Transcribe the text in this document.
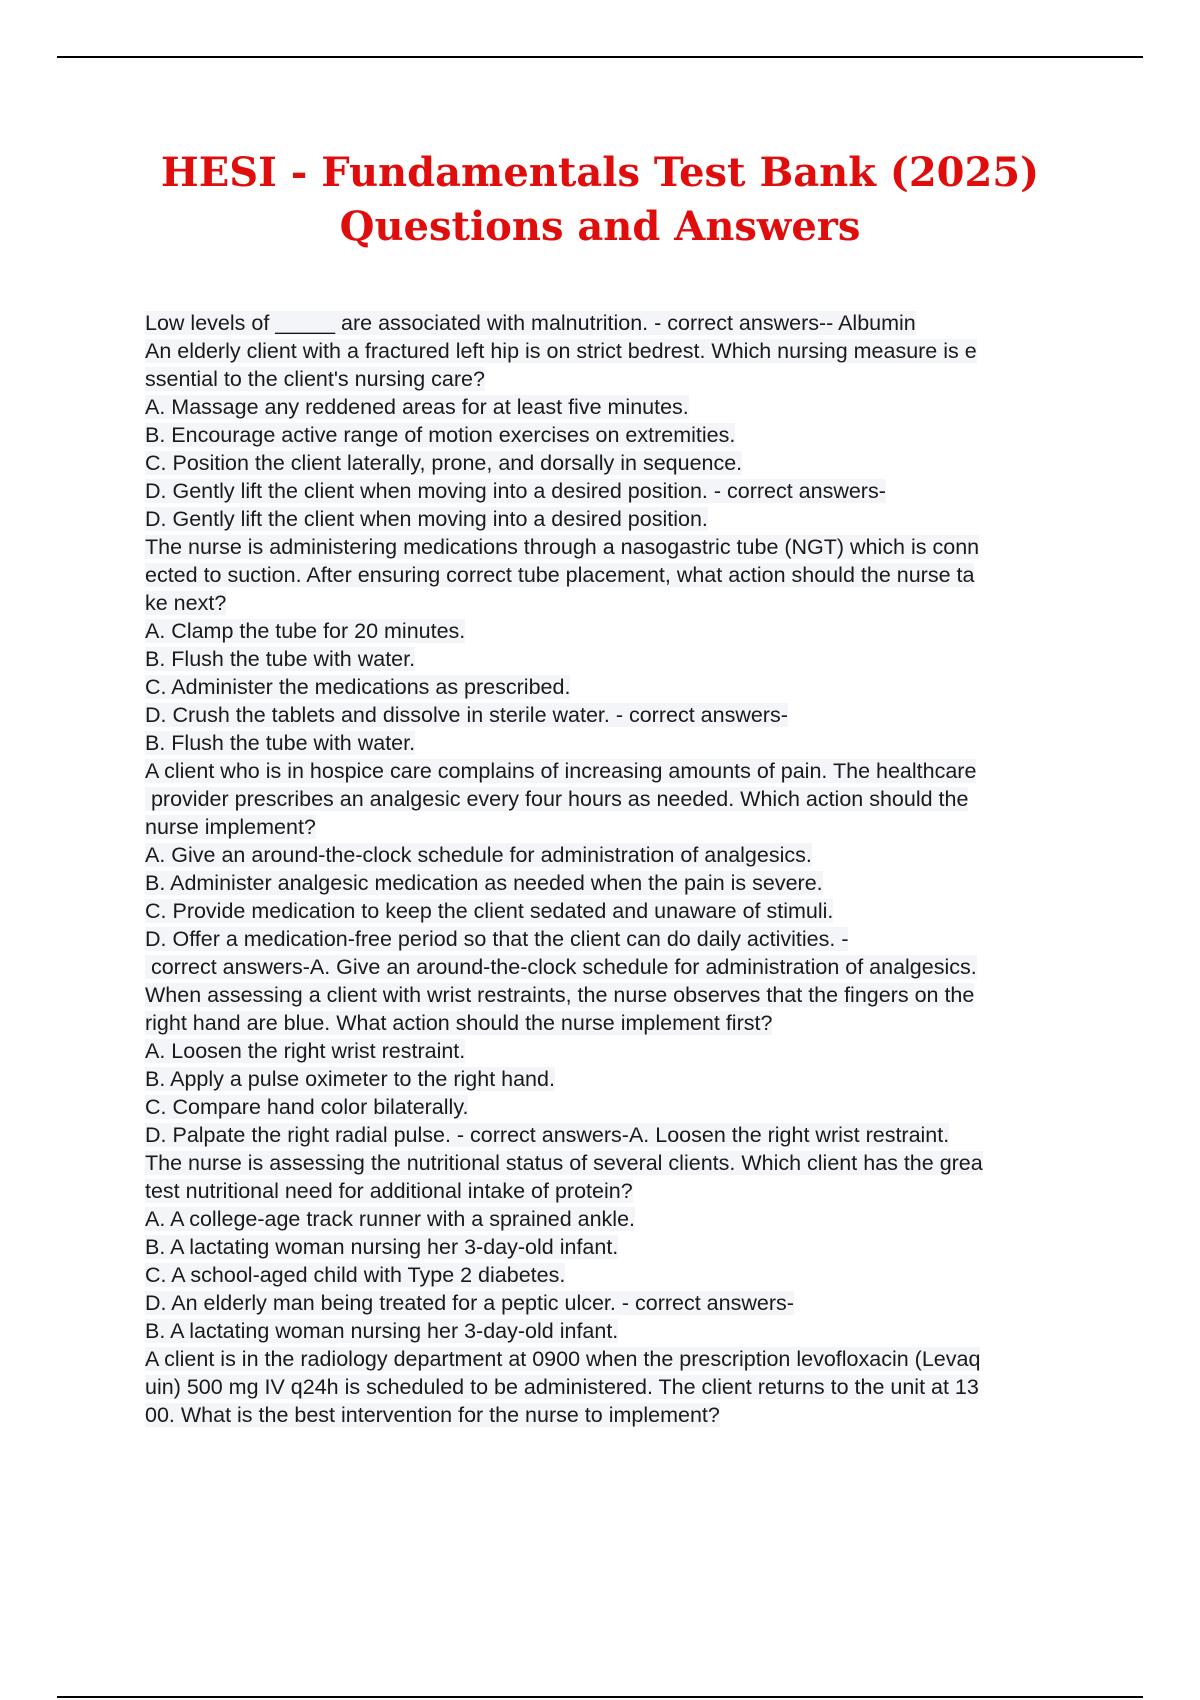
HESI - Fundamentals Test Bank (2025)
Questions and Answers
Low levels of _____ are associated with malnutrition. - correct answers-- Albumin
An elderly client with a fractured left hip is on strict bedrest. Which nursing measure is e
ssential to the client's nursing care?
A. Massage any reddened areas for at least five minutes.
B. Encourage active range of motion exercises on extremities.
C. Position the client laterally, prone, and dorsally in sequence.
D. Gently lift the client when moving into a desired position. - correct answers-
D. Gently lift the client when moving into a desired position.
The nurse is administering medications through a nasogastric tube (NGT) which is conn
ected to suction. After ensuring correct tube placement, what action should the nurse ta
ke next?
A. Clamp the tube for 20 minutes.
B. Flush the tube with water.
C. Administer the medications as prescribed.
D. Crush the tablets and dissolve in sterile water. - correct answers-
B. Flush the tube with water.
A client who is in hospice care complains of increasing amounts of pain. The healthcare
provider prescribes an analgesic every four hours as needed. Which action should the
nurse implement?
A. Give an around-the-clock schedule for administration of analgesics.
B. Administer analgesic medication as needed when the pain is severe.
C. Provide medication to keep the client sedated and unaware of stimuli.
D. Offer a medication-free period so that the client can do daily activities. -
correct answers-A. Give an around-the-clock schedule for administration of analgesics.
When assessing a client with wrist restraints, the nurse observes that the fingers on the
right hand are blue. What action should the nurse implement first?
A. Loosen the right wrist restraint.
B. Apply a pulse oximeter to the right hand.
C. Compare hand color bilaterally.
D. Palpate the right radial pulse. - correct answers-A. Loosen the right wrist restraint.
The nurse is assessing the nutritional status of several clients. Which client has the grea
test nutritional need for additional intake of protein?
A. A college-age track runner with a sprained ankle.
B. A lactating woman nursing her 3-day-old infant.
C. A school-aged child with Type 2 diabetes.
D. An elderly man being treated for a peptic ulcer. - correct answers-
B. A lactating woman nursing her 3-day-old infant.
A client is in the radiology department at 0900 when the prescription levofloxacin (Levaq
uin) 500 mg IV q24h is scheduled to be administered. The client returns to the unit at 13
00. What is the best intervention for the nurse to implement?
